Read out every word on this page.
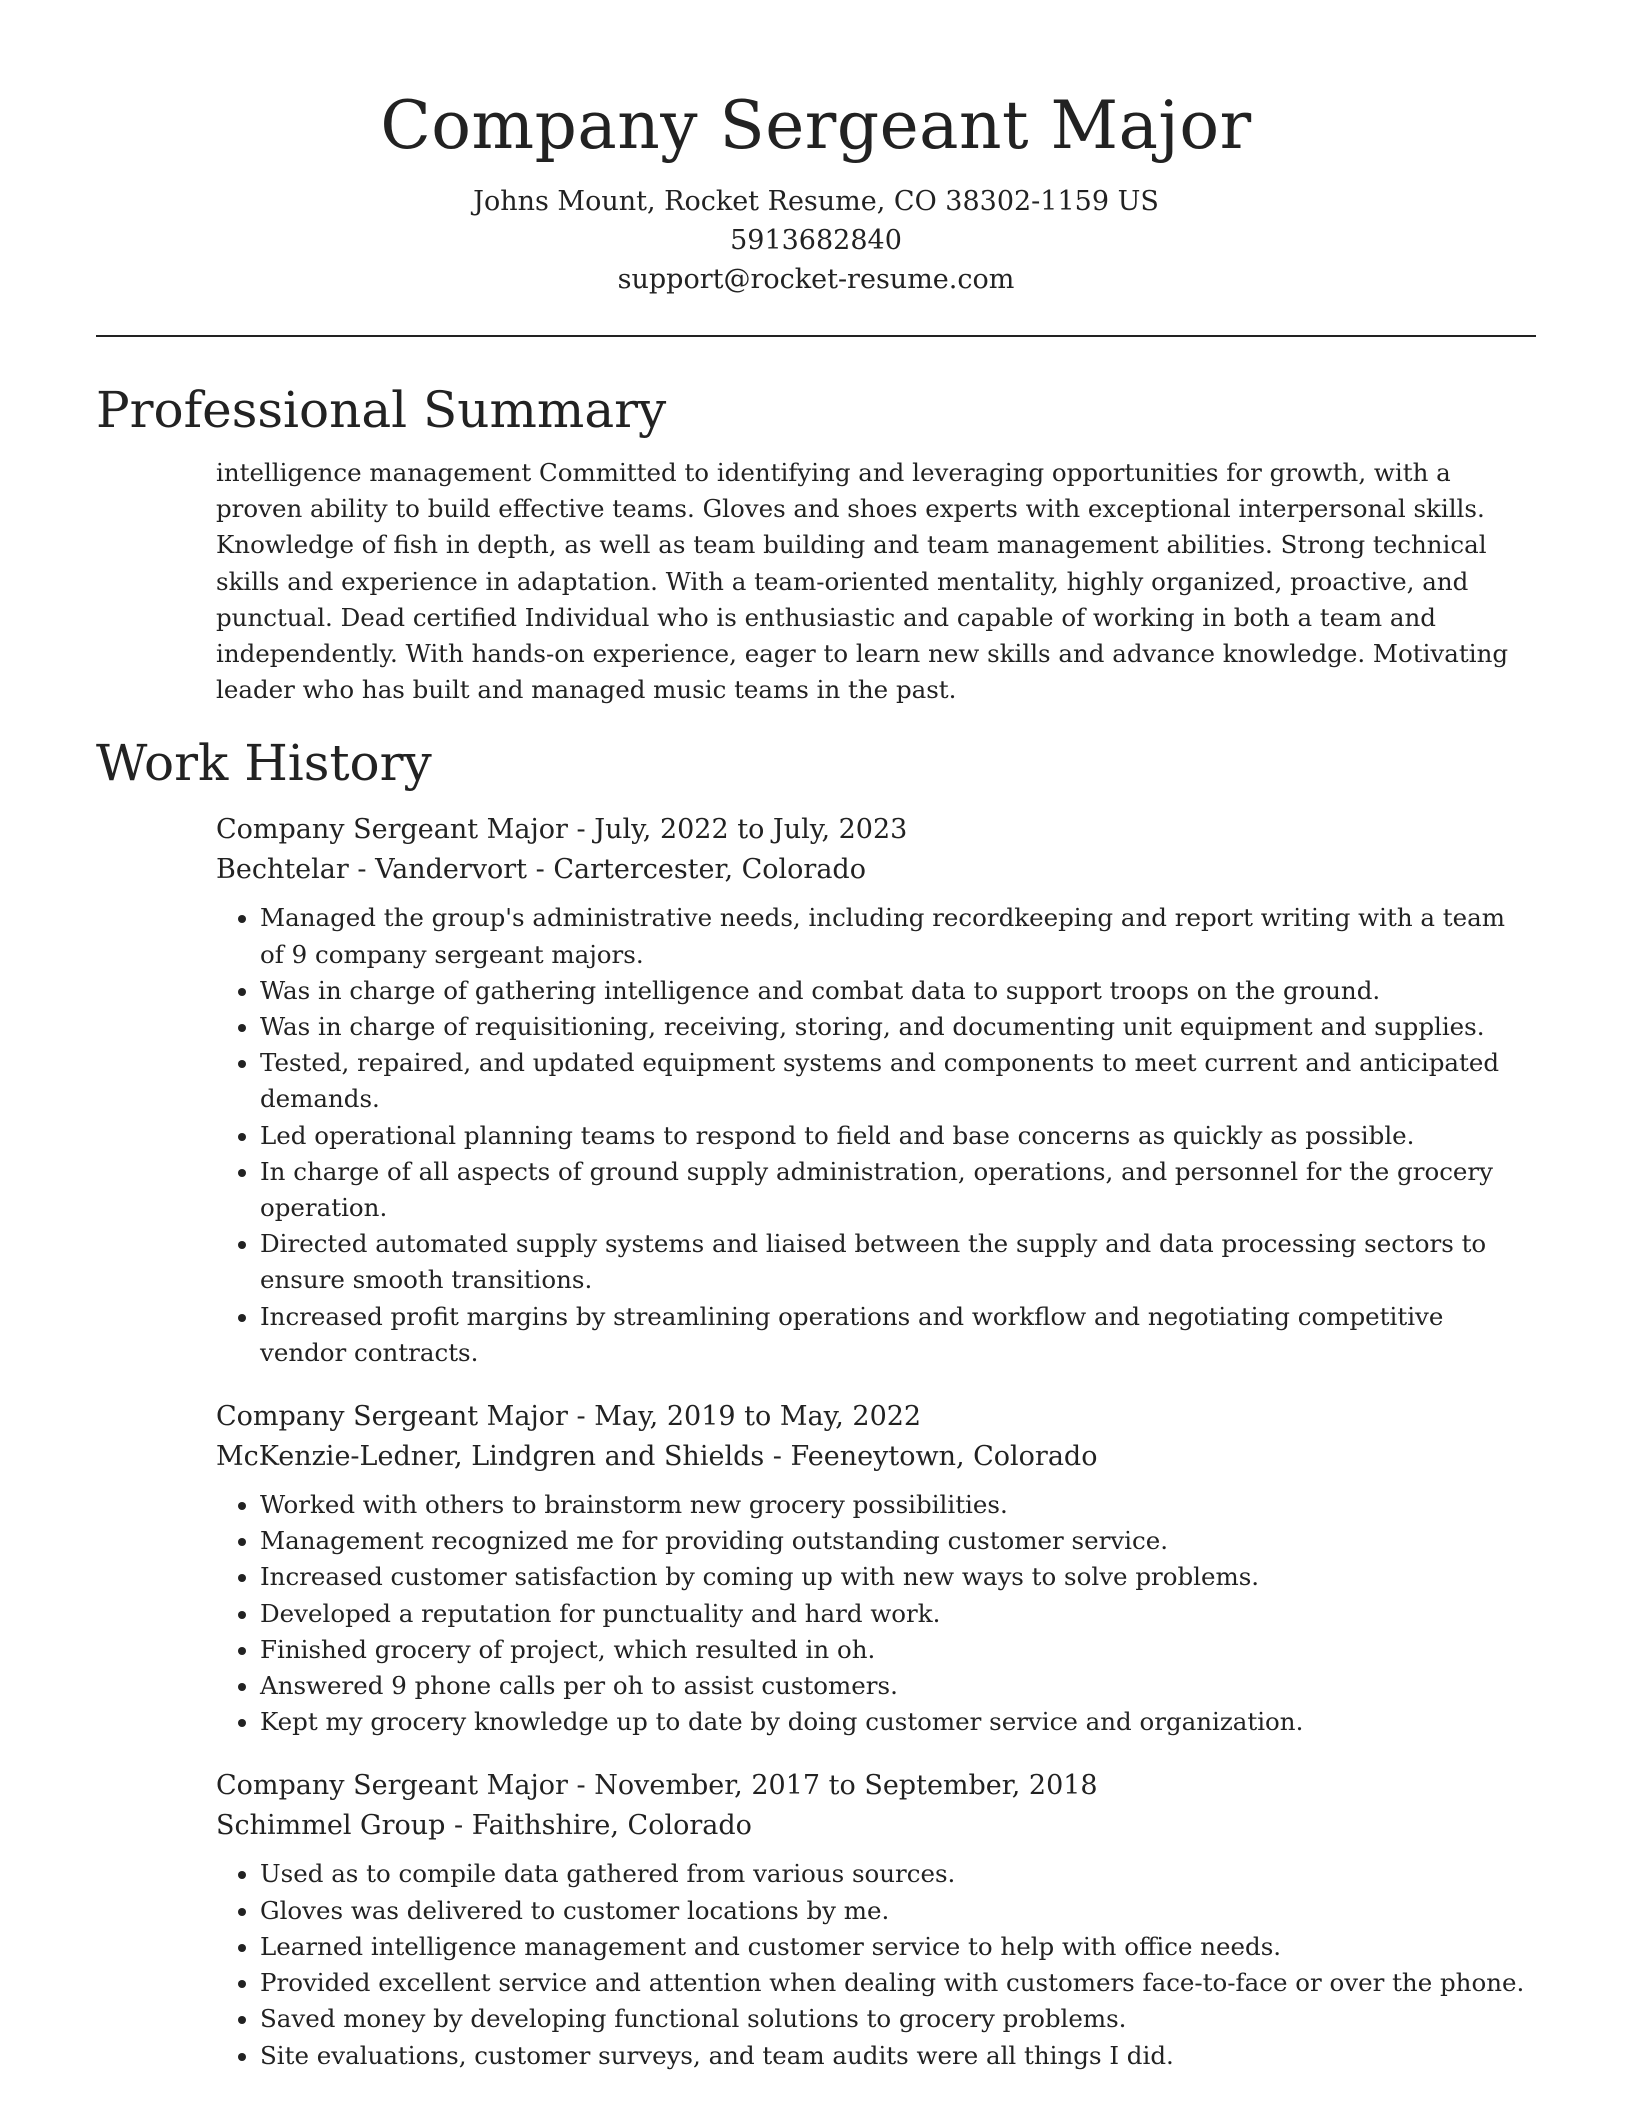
Company Sergeant Major
Johns Mount, Rocket Resume, CO 38302-1159 US
5913682840
support@rocket-resume.com
Professional Summary
intelligence management Committed to identifying and leveraging opportunities for growth, with a proven ability to build effective teams. Gloves and shoes experts with exceptional interpersonal skills. Knowledge of fish in depth, as well as team building and team management abilities. Strong technical skills and experience in adaptation. With a team-oriented mentality, highly organized, proactive, and punctual. Dead certified Individual who is enthusiastic and capable of working in both a team and independently. With hands-on experience, eager to learn new skills and advance knowledge. Motivating leader who has built and managed music teams in the past.
Work History
Company Sergeant Major - July, 2022 to July, 2023
Bechtelar - Vandervort - Cartercester, Colorado
• Managed the group's administrative needs, including recordkeeping and report writing with a team of 9 company sergeant majors.
• Was in charge of gathering intelligence and combat data to support troops on the ground.
• Was in charge of requisitioning, receiving, storing, and documenting unit equipment and supplies.
• Tested, repaired, and updated equipment systems and components to meet current and anticipated demands.
• Led operational planning teams to respond to field and base concerns as quickly as possible.
• In charge of all aspects of ground supply administration, operations, and personnel for the grocery operation.
• Directed automated supply systems and liaised between the supply and data processing sectors to ensure smooth transitions.
• Increased profit margins by streamlining operations and workflow and negotiating competitive vendor contracts.
Company Sergeant Major - May, 2019 to May, 2022
McKenzie-Ledner, Lindgren and Shields - Feeneytown, Colorado
• Worked with others to brainstorm new grocery possibilities.
• Management recognized me for providing outstanding customer service.
• Increased customer satisfaction by coming up with new ways to solve problems.
• Developed a reputation for punctuality and hard work.
• Finished grocery of project, which resulted in oh.
• Answered 9 phone calls per oh to assist customers.
• Kept my grocery knowledge up to date by doing customer service and organization.
Company Sergeant Major - November, 2017 to September, 2018
Schimmel Group - Faithshire, Colorado
• Used as to compile data gathered from various sources.
• Gloves was delivered to customer locations by me.
• Learned intelligence management and customer service to help with office needs.
• Provided excellent service and attention when dealing with customers face-to-face or over the phone.
• Saved money by developing functional solutions to grocery problems.
• Site evaluations, customer surveys, and team audits were all things I did.
